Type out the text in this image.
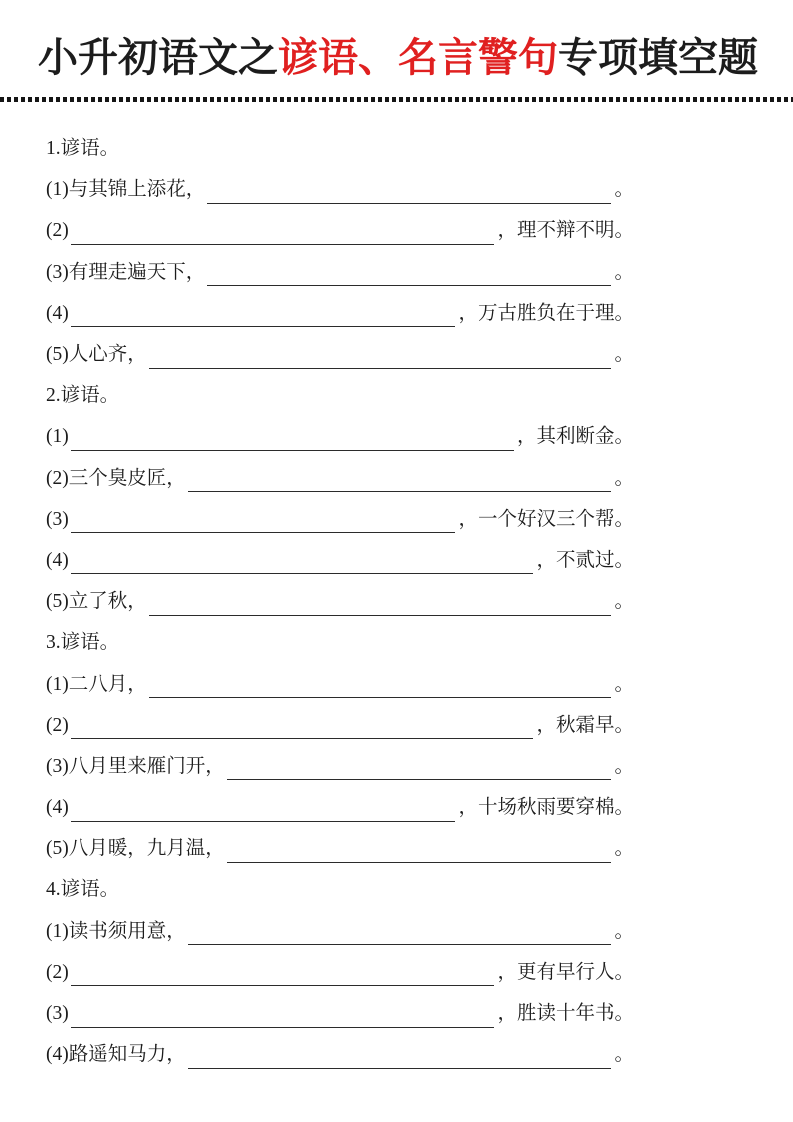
小升初语文之谚语、名言警句专项填空题
1.谚语。
(1)与其锦上添花，
	。
(2)
	，理不辩不明。
(3)有理走遍天下，
	。
(4)
	，万古胜负在于理。
(5)人心齐，
	。
2.谚语。
(1)
	，其利断金。
(2)三个臭皮匠，
	。
(3)
	，一个好汉三个帮。
(4)
	，不贰过。
(5)立了秋，
	。
3.谚语。
(1)二八月，
	。
(2)
	，秋霜早。
(3)八月里来雁门开，
	。
(4)
	，十场秋雨要穿棉。
(5)八月暖，九月温，
	。
4.谚语。
(1)读书须用意，
	。
(2)
	，更有早行人。
(3)
	，胜读十年书。
(4)路遥知马力，
	。
